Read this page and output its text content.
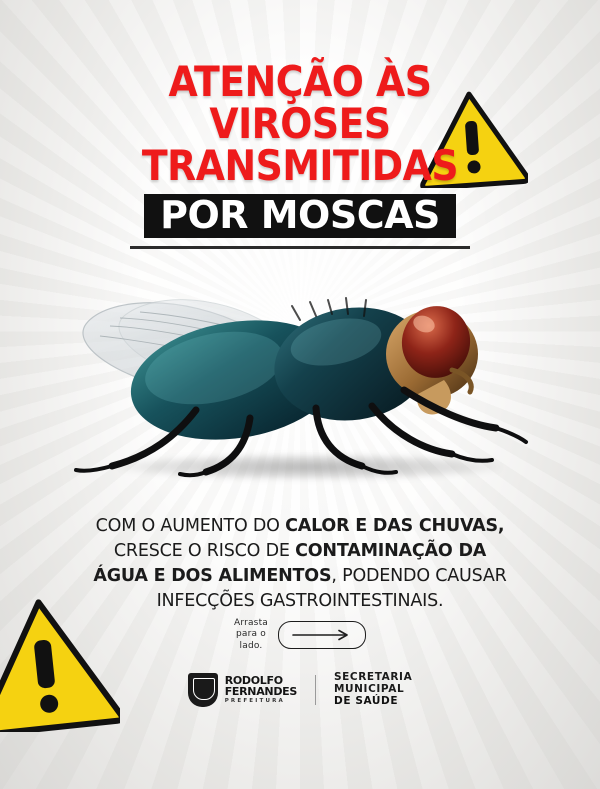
ATENÇÃO ÀS
VIROSES
TRANSMITIDAS
POR MOSCAS
COM O AUMENTO DO CALOR E DAS CHUVAS,
CRESCE O RISCO DE CONTAMINAÇÃO DA
ÁGUA E DOS ALIMENTOS, PODENDO CAUSAR
INFECÇÕES GASTROINTESTINAIS.
Arrasta
para o
lado.
RODOLFO
FERNANDES
PREFEITURA
SECRETARIA
MUNICIPAL
DE SAÚDE
